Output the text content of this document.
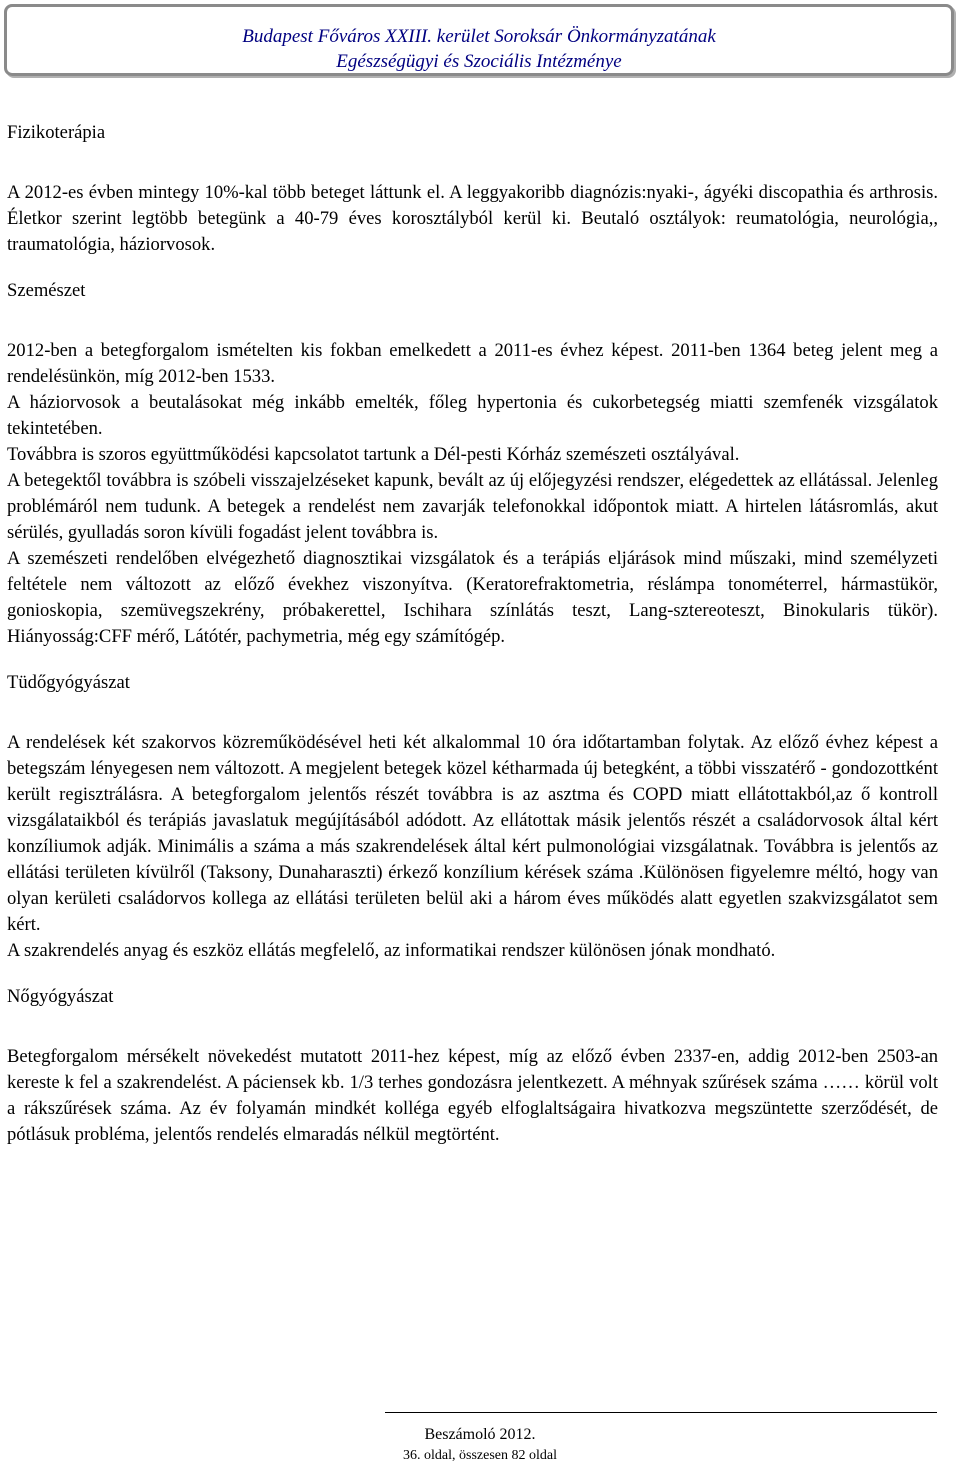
Budapest Főváros XXIII. kerület Soroksár Önkormányzatának
Egészségügyi és Szociális Intézménye
Fizikoterápia

A 2012-es évben mintegy 10%-kal több beteget láttunk el. A leggyakoribb diagnózis:nyaki-, ágyéki discopathia és arthrosis. Életkor szerint legtöbb betegünk a 40-79 éves korosztályból kerül ki. Beutaló osztályok: reumatológia, neurológia,, traumatológia, háziorvosok.

Szemészet

2012-ben a betegforgalom ismételten kis fokban emelkedett a 2011-es évhez képest. 2011-ben 1364 beteg jelent meg a rendelésünkön, míg 2012-ben 1533.

A háziorvosok a beutalásokat még inkább emelték, főleg hypertonia és cukorbetegség miatti szemfenék vizsgálatok tekintetében.

Továbbra is szoros együttműködési kapcsolatot tartunk a Dél-pesti Kórház szemészeti osztályával.

A betegektől továbbra is szóbeli visszajelzéseket kapunk, bevált az új előjegyzési rendszer, elégedettek az ellátással. Jelenleg problémáról nem tudunk. A betegek a rendelést nem zavarják telefonokkal időpontok miatt. A hirtelen látásromlás, akut sérülés, gyulladás soron kívüli fogadást jelent továbbra is.

A szemészeti rendelőben elvégezhető diagnosztikai vizsgálatok és a terápiás eljárások mind műszaki, mind személyzeti feltétele nem változott az előző évekhez viszonyítva. (Keratorefraktometria, réslámpa tonométerrel, hármastükör, gonioskopia, szemüvegszekrény, próbakerettel, Ischihara színlátás teszt, Lang-sztereoteszt, Binokularis tükör). Hiányosság:CFF mérő, Látótér, pachymetria, még egy számítógép.

Tüdőgyógyászat

A rendelések két szakorvos közreműködésével heti két alkalommal 10 óra időtartamban folytak. Az előző évhez képest a betegszám lényegesen nem változott. A megjelent betegek közel kétharmada új betegként, a többi visszatérő - gondozottként került regisztrálásra. A betegforgalom jelentős részét továbbra is az asztma és COPD miatt ellátottakból,az ő kontroll vizsgálataikból és terápiás javaslatuk megújításából adódott. Az ellátottak másik jelentős részét a családorvosok által kért konzíliumok adják. Minimális a száma a más szakrendelések által kért pulmonológiai vizsgálatnak. Továbbra is jelentős az ellátási területen kívülről (Taksony, Dunaharaszti) érkező konzílium kérések száma .Különösen figyelemre méltó, hogy van olyan kerületi családorvos kollega az ellátási területen belül aki a három éves működés alatt egyetlen szakvizsgálatot sem kért.

A szakrendelés anyag és eszköz ellátás megfelelő, az informatikai rendszer különösen jónak mondható.

Nőgyógyászat

Betegforgalom mérsékelt növekedést mutatott 2011-hez képest, míg az előző évben 2337-en, addig 2012-ben 2503-an kereste k fel a szakrendelést. A páciensek kb. 1/3 terhes gondozásra jelentkezett. A méhnyak szűrések száma …… körül volt a rákszűrések száma. Az év folyamán mindkét kolléga egyéb elfoglaltságaira hivatkozva megszüntette szerződését, de pótlásuk probléma, jelentős rendelés elmaradás nélkül megtörtént.

Beszámoló 2012.
36. oldal, összesen 82 oldal
